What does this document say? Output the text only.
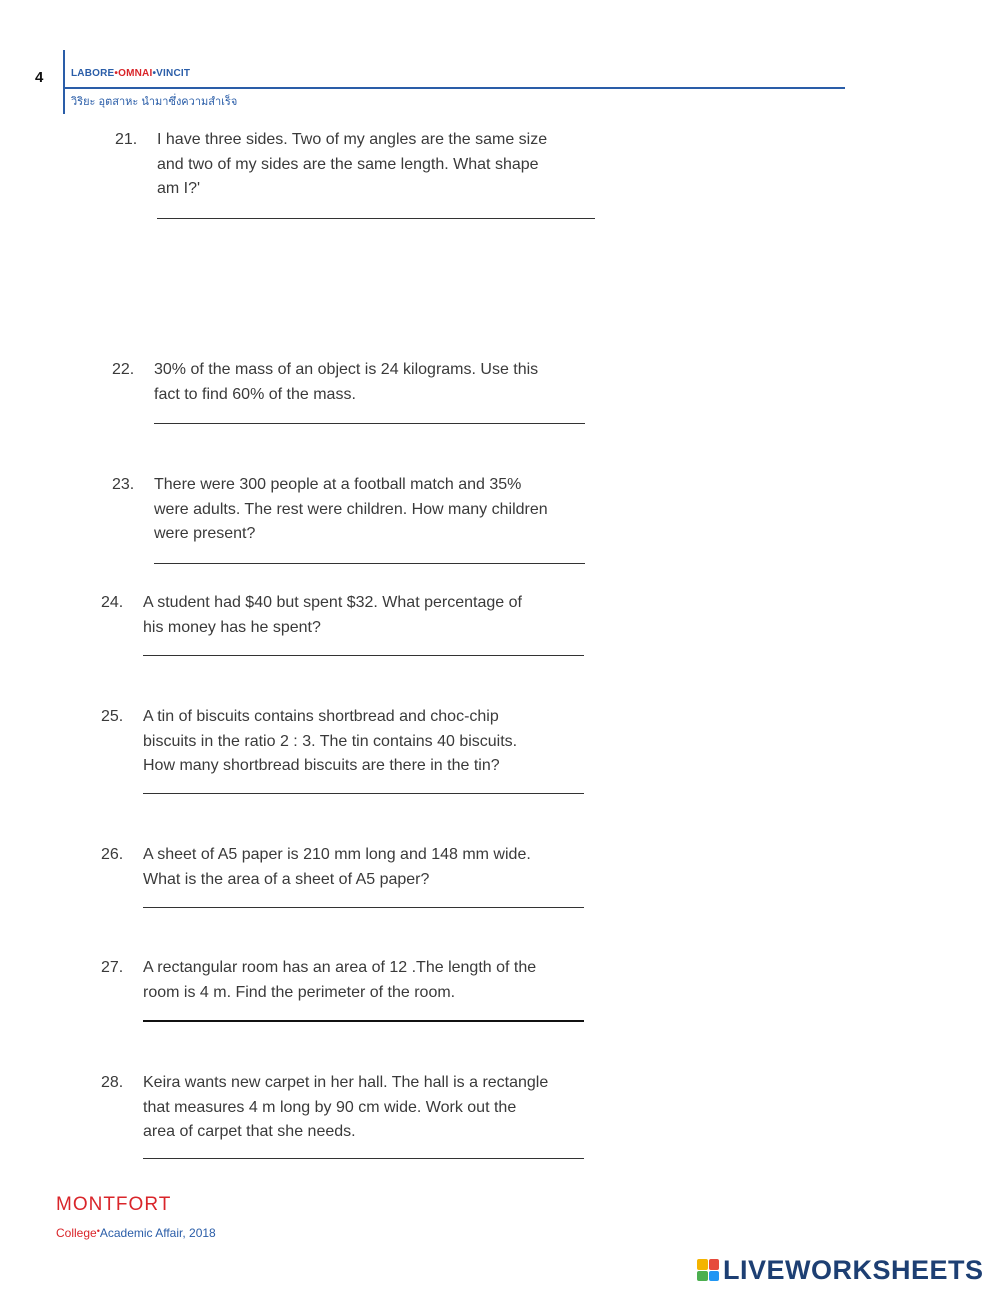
4	LABORE•OMNAI•VINCIT
วิริยะ อุตสาหะ นำมาซึ่งความสำเร็จ
21. I have three sides. Two of my angles are the same size
and two of my sides are the same length. What shape
am I?'
22. 30% of the mass of an object is 24 kilograms. Use this
fact to find 60% of the mass.
23. There were 300 people at a football match and 35%
were adults. The rest were children. How many children
were present?
24. A student had $40 but spent $32. What percentage of
his money has he spent?
25. A tin of biscuits contains shortbread and choc-chip
biscuits in the ratio 2 : 3. The tin contains 40 biscuits.
How many shortbread biscuits are there in the tin?
26. A sheet of A5 paper is 210 mm long and 148 mm wide.
What is the area of a sheet of A5 paper?
27. A rectangular room has an area of 12 .The length of the
room is 4 m. Find the perimeter of the room.
28. Keira wants new carpet in her hall. The hall is a rectangle
that measures 4 m long by 90 cm wide. Work out the
area of carpet that she needs.
MONTFORT
College•Academic Affair, 2018
LIVEWORKSHEETS
